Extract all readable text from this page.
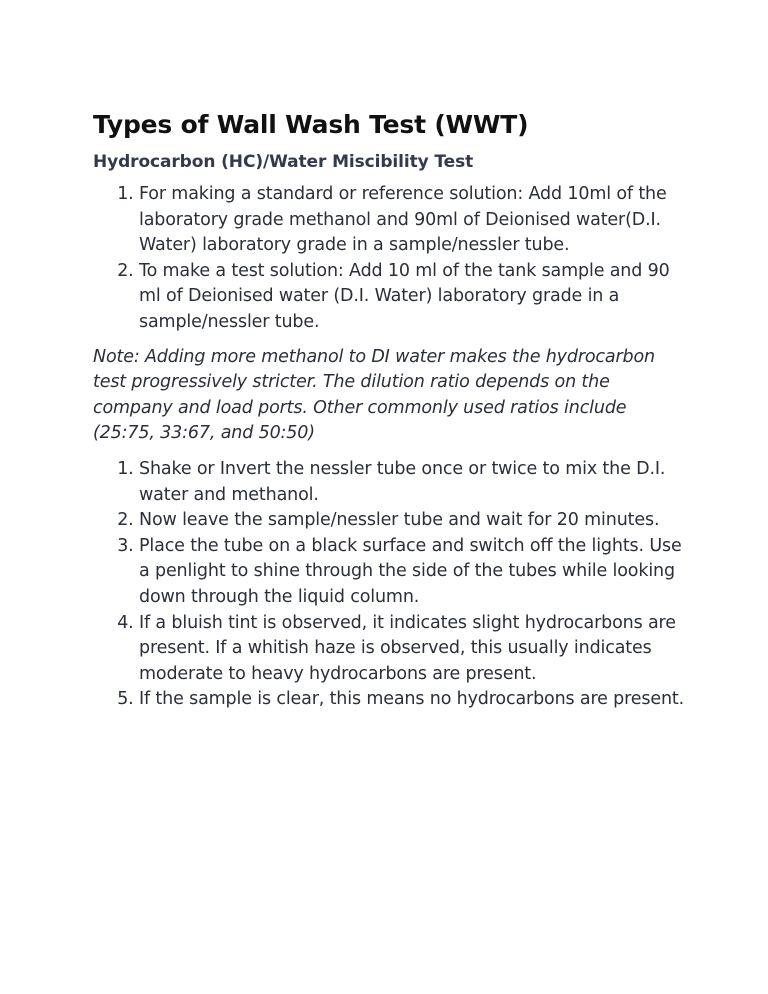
Types of Wall Wash Test (WWT)
Hydrocarbon (HC)/Water Miscibility Test
1. For making a standard or reference solution: Add 10ml of the laboratory grade methanol and 90ml of Deionised water(D.I. Water) laboratory grade in a sample/nessler tube.
2. To make a test solution: Add 10 ml of the tank sample and 90 ml of Deionised water (D.I. Water) laboratory grade in a sample/nessler tube.

Note: Adding more methanol to DI water makes the hydrocarbon test progressively stricter. The dilution ratio depends on the company and load ports. Other commonly used ratios include (25:75, 33:67, and 50:50)

1. Shake or Invert the nessler tube once or twice to mix the D.I. water and methanol.
2. Now leave the sample/nessler tube and wait for 20 minutes.
3. Place the tube on a black surface and switch off the lights. Use a penlight to shine through the side of the tubes while looking down through the liquid column.
4. If a bluish tint is observed, it indicates slight hydrocarbons are present. If a whitish haze is observed, this usually indicates moderate to heavy hydrocarbons are present.
5. If the sample is clear, this means no hydrocarbons are present.
